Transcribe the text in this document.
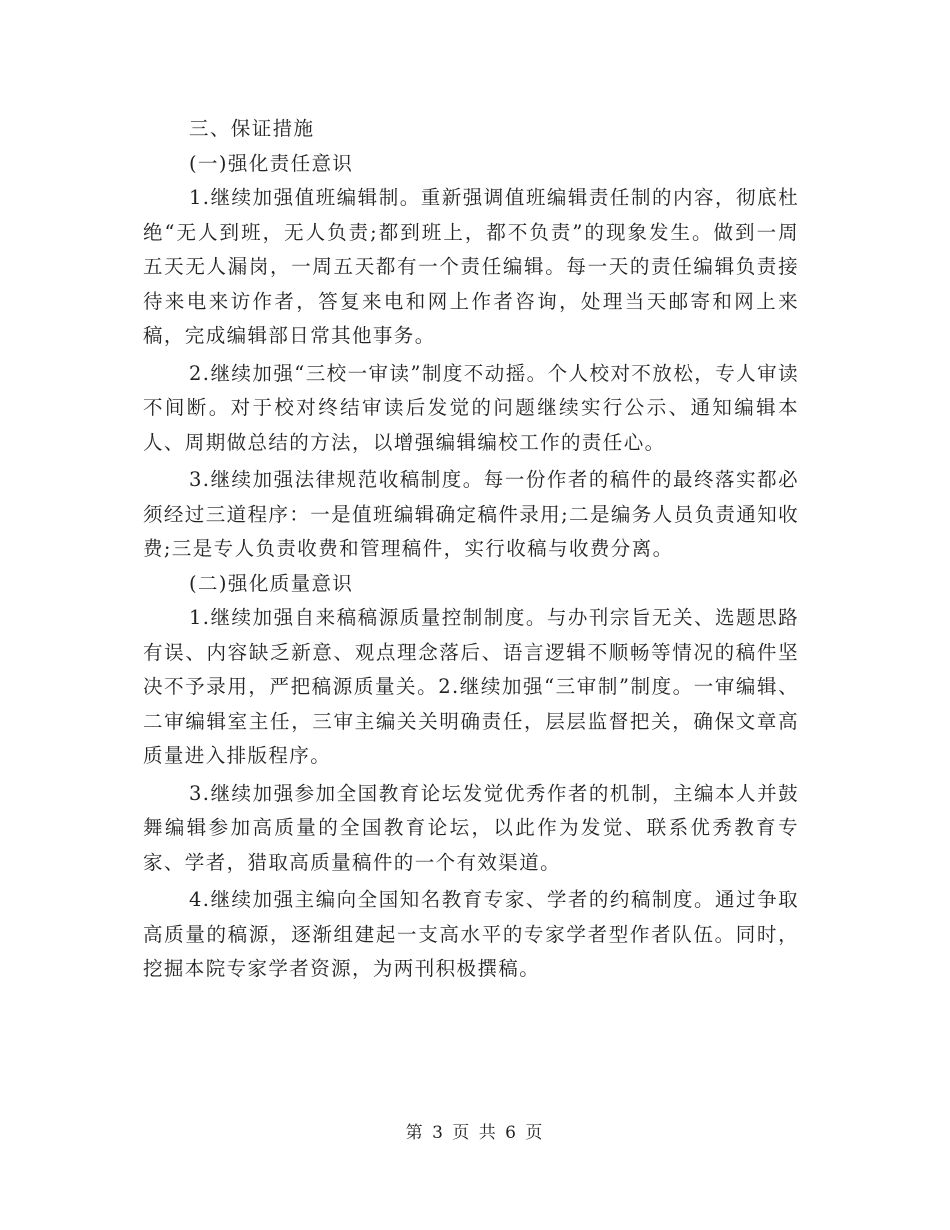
三、保证措施

(一)强化责任意识

1.继续加强值班编辑制。重新强调值班编辑责任制的内容，彻底杜绝“无人到班，无人负责;都到班上，都不负责”的现象发生。做到一周五天无人漏岗，一周五天都有一个责任编辑。每一天的责任编辑负责接待来电来访作者，答复来电和网上作者咨询，处理当天邮寄和网上来稿，完成编辑部日常其他事务。

2.继续加强“三校一审读”制度不动摇。个人校对不放松，专人审读不间断。对于校对终结审读后发觉的问题继续实行公示、通知编辑本人、周期做总结的方法，以增强编辑编校工作的责任心。

3.继续加强法律规范收稿制度。每一份作者的稿件的最终落实都必须经过三道程序：一是值班编辑确定稿件录用;二是编务人员负责通知收费;三是专人负责收费和管理稿件，实行收稿与收费分离。

(二)强化质量意识

1.继续加强自来稿稿源质量控制制度。与办刊宗旨无关、选题思路有误、内容缺乏新意、观点理念落后、语言逻辑不顺畅等情况的稿件坚决不予录用，严把稿源质量关。2.继续加强“三审制”制度。一审编辑、二审编辑室主任，三审主编关关明确责任，层层监督把关，确保文章高质量进入排版程序。

3.继续加强参加全国教育论坛发觉优秀作者的机制，主编本人并鼓舞编辑参加高质量的全国教育论坛，以此作为发觉、联系优秀教育专家、学者，猎取高质量稿件的一个有效渠道。

4.继续加强主编向全国知名教育专家、学者的约稿制度。通过争取高质量的稿源，逐渐组建起一支高水平的专家学者型作者队伍。同时，挖掘本院专家学者资源，为两刊积极撰稿。

第 3 页 共 6 页
